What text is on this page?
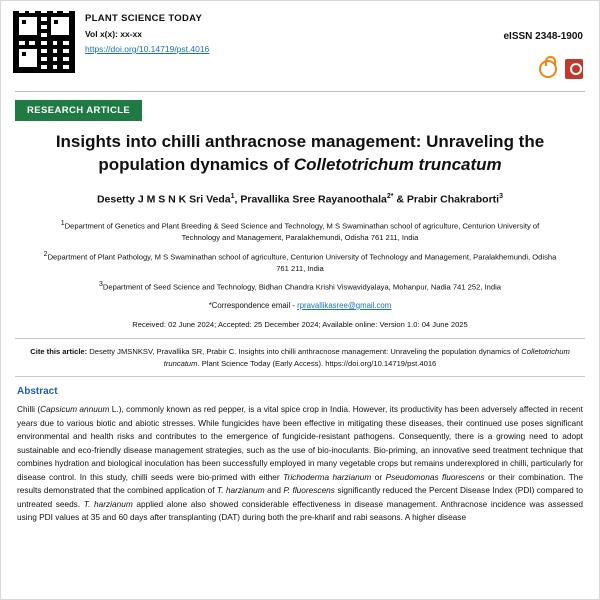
PLANT SCIENCE TODAY
Vol x(x): xx-xx
https://doi.org/10.14719/pst.4016
eISSN 2348-1900
RESEARCH ARTICLE
Insights into chilli anthracnose management: Unraveling the
population dynamics of Colletotrichum truncatum
Desetty J M S N K Sri Veda$^1$, Pravallika Sree Rayanoothala$^{2*}$ & Prabir Chakraborti$^3$
$^1$Department of Genetics and Plant Breeding & Seed Science and Technology, M S Swaminathan school of agriculture, Centurion University of Technology and Management, Paralakhemundi, Odisha 761 211, India
$^2$Department of Plant Pathology, M S Swaminathan school of agriculture, Centurion University of Technology and Management, Paralakhemundi, Odisha 761 211, India
$^3$Department of Seed Science and Technology, Bidhan Chandra Krishi Viswavidyalaya, Mohanpur, Nadia 741 252, India
*Correspondence email - rpravallikasree@gmail.com
Received: 02 June 2024; Accepted: 25 December 2024; Available online: Version 1.0: 04 June 2025
Cite this article: Desetty JMSNKSV, Pravallika SR, Prabir C. Insights into chilli anthracnose management: Unraveling the population dynamics of Colletotrichum truncatum. Plant Science Today (Early Access). https://doi.org/10.14719/pst.4016
Abstract
Chilli (Capsicum annuum L.), commonly known as red pepper, is a vital spice crop in India. However, its productivity has been adversely affected in recent years due to various biotic and abiotic stresses. While fungicides have been effective in mitigating these diseases, their continued use poses significant environmental and health risks and contributes to the emergence of fungicide-resistant pathogens. Consequently, there is a growing need to adopt sustainable and eco-friendly disease management strategies, such as the use of bio-inoculants. Bio-priming, an innovative seed treatment technique that combines hydration and biological inoculation has been successfully employed in many vegetable crops but remains underexplored in chilli, particularly for disease control. In this study, chilli seeds were bio-primed with either Trichoderma harzianum or Pseudomonas fluorescens or their combination. The results demonstrated that the combined application of T. harzianum and P. fluorescens significantly reduced the Percent Disease Index (PDI) compared to untreated seeds. T. harzianum applied alone also showed considerable effectiveness in disease management. Anthracnose incidence was assessed using PDI values at 35 and 60 days after transplanting (DAT) during both the pre-kharif and rabi seasons. A higher disease
